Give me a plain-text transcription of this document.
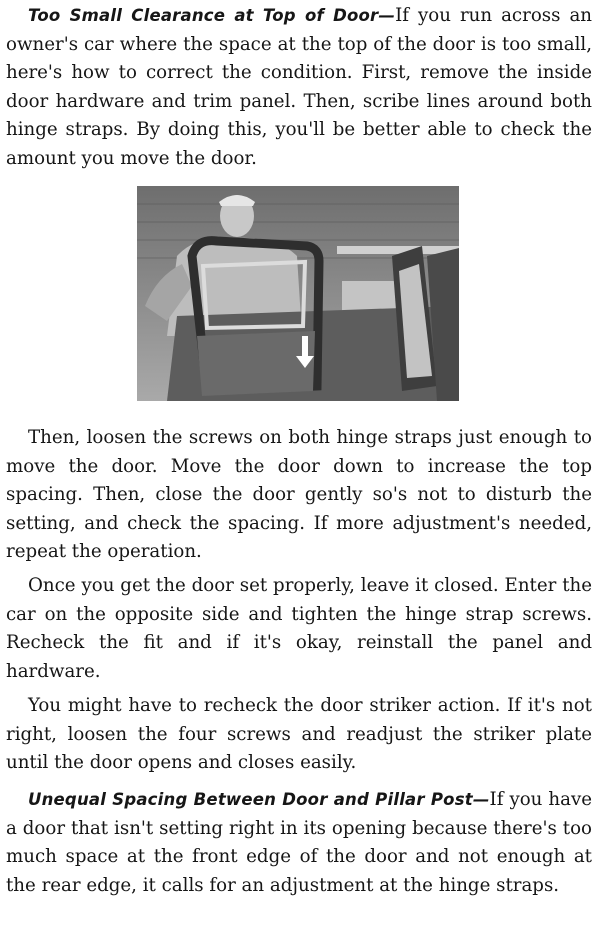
Too Small Clearance at Top of Door—If you run across an owner's car where the space at the top of the door is too small, here's how to correct the condition. First, remove the inside door hardware and trim panel. Then, scribe lines around both hinge straps. By doing this, you'll be better able to check the amount you move the door.

Then, loosen the screws on both hinge straps just enough to move the door. Move the door down to increase the top spacing. Then, close the door gently so's not to disturb the setting, and check the spacing. If more adjustment's needed, repeat the operation.

Once you get the door set properly, leave it closed. Enter the car on the opposite side and tighten the hinge strap screws. Recheck the fit and if it's okay, reinstall the panel and hardware.

You might have to recheck the door striker action. If it's not right, loosen the four screws and readjust the striker plate until the door opens and closes easily.

Unequal Spacing Between Door and Pillar Post—If you have a door that isn't setting right in its opening because there's too much space at the front edge of the door and not enough at the rear edge, it calls for an adjustment at the hinge straps.
